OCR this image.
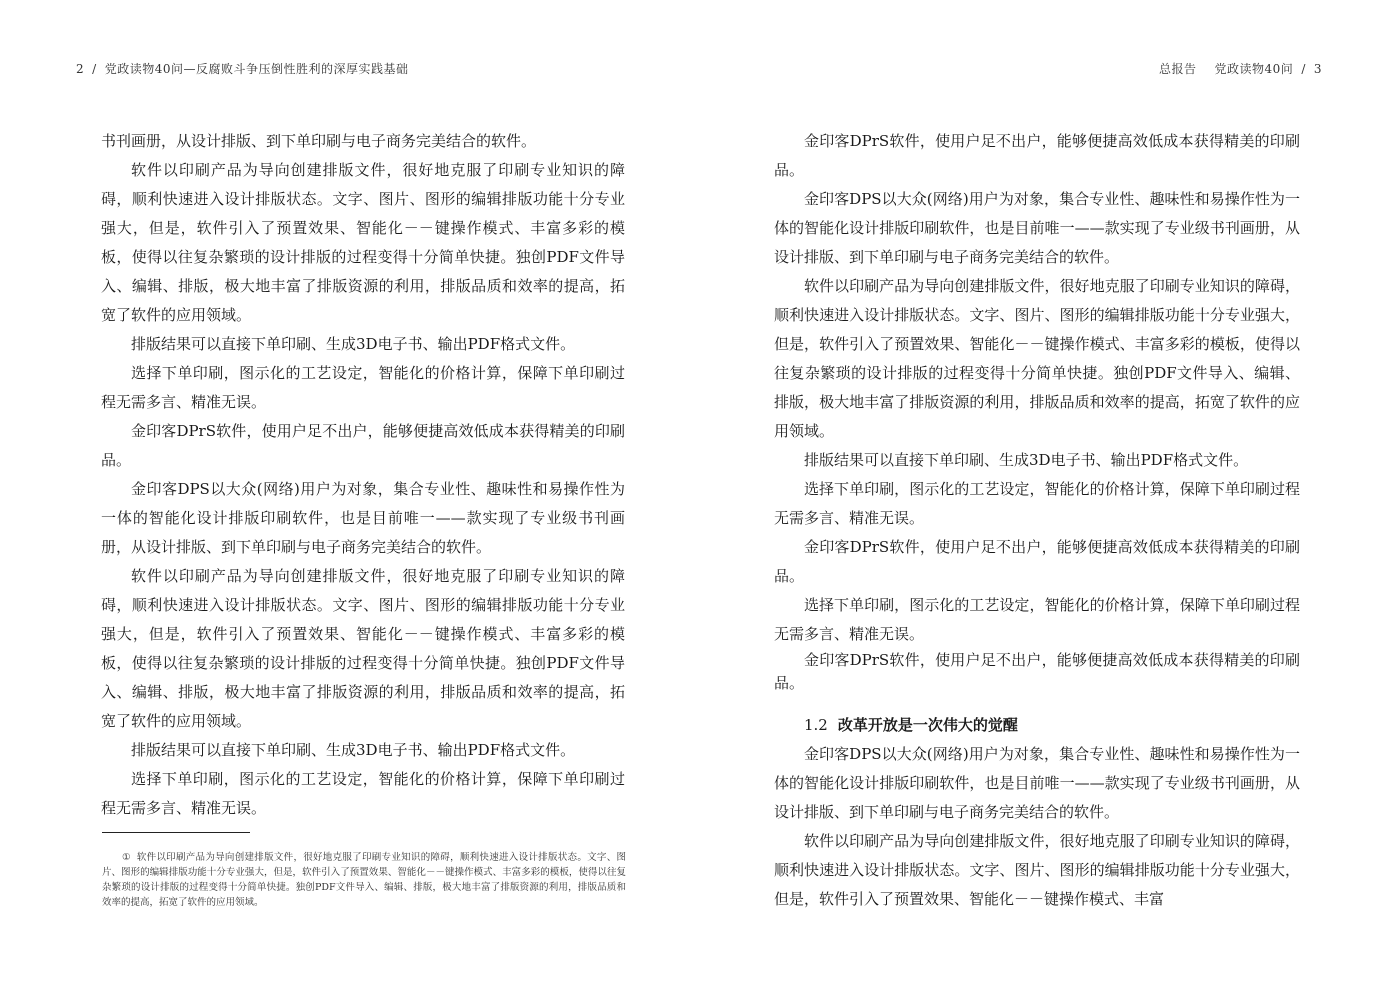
2 / 党政读物40问—反腐败斗争压倒性胜利的深厚实践基础

书刊画册，从设计排版、到下单印刷与电子商务完美结合的软件。

软件以印刷产品为导向创建排版文件，很好地克服了印刷专业知识的障碍，顺利快速进入设计排版状态。文字、图片、图形的编辑排版功能十分专业强大，但是，软件引入了预置效果、智能化－－键操作模式、丰富多彩的模板，使得以往复杂繁琐的设计排版的过程变得十分简单快捷。独创PDF文件导入、编辑、排版，极大地丰富了排版资源的利用，排版品质和效率的提高，拓宽了软件的应用领域。

排版结果可以直接下单印刷、生成3D电子书、输出PDF格式文件。

选择下单印刷，图示化的工艺设定，智能化的价格计算，保障下单印刷过程无需多言、精准无误。

金印客DPrS软件，使用户足不出户，能够便捷高效低成本获得精美的印刷品。

金印客DPS以大众(网络)用户为对象，集合专业性、趣味性和易操作性为一体的智能化设计排版印刷软件，也是目前唯一——款实现了专业级书刊画册，从设计排版、到下单印刷与电子商务完美结合的软件。

软件以印刷产品为导向创建排版文件，很好地克服了印刷专业知识的障碍，顺利快速进入设计排版状态。文字、图片、图形的编辑排版功能十分专业强大，但是，软件引入了预置效果、智能化－－键操作模式、丰富多彩的模板，使得以往复杂繁琐的设计排版的过程变得十分简单快捷。独创PDF文件导入、编辑、排版，极大地丰富了排版资源的利用，排版品质和效率的提高，拓宽了软件的应用领域。

排版结果可以直接下单印刷、生成3D电子书、输出PDF格式文件。

选择下单印刷，图示化的工艺设定，智能化的价格计算，保障下单印刷过程无需多言、精准无误。

① 软件以印刷产品为导向创建排版文件，很好地克服了印刷专业知识的障碍，顺利快速进入设计排版状态。文字、图片、图形的编辑排版功能十分专业强大，但是，软件引入了预置效果、智能化－－键操作模式、丰富多彩的模板，使得以往复杂繁琐的设计排版的过程变得十分简单快捷。独创PDF文件导入、编辑、排版，极大地丰富了排版资源的利用，排版品质和效率的提高，拓宽了软件的应用领域。
总报告 党政读物40问 / 3

金印客DPrS软件，使用户足不出户，能够便捷高效低成本获得精美的印刷品。

金印客DPS以大众(网络)用户为对象，集合专业性、趣味性和易操作性为一体的智能化设计排版印刷软件，也是目前唯一——款实现了专业级书刊画册，从设计排版、到下单印刷与电子商务完美结合的软件。

软件以印刷产品为导向创建排版文件，很好地克服了印刷专业知识的障碍，顺利快速进入设计排版状态。文字、图片、图形的编辑排版功能十分专业强大，但是，软件引入了预置效果、智能化－－键操作模式、丰富多彩的模板，使得以往复杂繁琐的设计排版的过程变得十分简单快捷。独创PDF文件导入、编辑、排版，极大地丰富了排版资源的利用，排版品质和效率的提高，拓宽了软件的应用领域。

排版结果可以直接下单印刷、生成3D电子书、输出PDF格式文件。

选择下单印刷，图示化的工艺设定，智能化的价格计算，保障下单印刷过程无需多言、精准无误。

金印客DPrS软件，使用户足不出户，能够便捷高效低成本获得精美的印刷品。

选择下单印刷，图示化的工艺设定，智能化的价格计算，保障下单印刷过程无需多言、精准无误。

金印客DPrS软件，使用户足不出户，能够便捷高效低成本获得精美的印刷品。

1.2 改革开放是一次伟大的觉醒

金印客DPS以大众(网络)用户为对象，集合专业性、趣味性和易操作性为一体的智能化设计排版印刷软件，也是目前唯一——款实现了专业级书刊画册，从设计排版、到下单印刷与电子商务完美结合的软件。

软件以印刷产品为导向创建排版文件，很好地克服了印刷专业知识的障碍，顺利快速进入设计排版状态。文字、图片、图形的编辑排版功能十分专业强大，但是，软件引入了预置效果、智能化－－键操作模式、丰富
